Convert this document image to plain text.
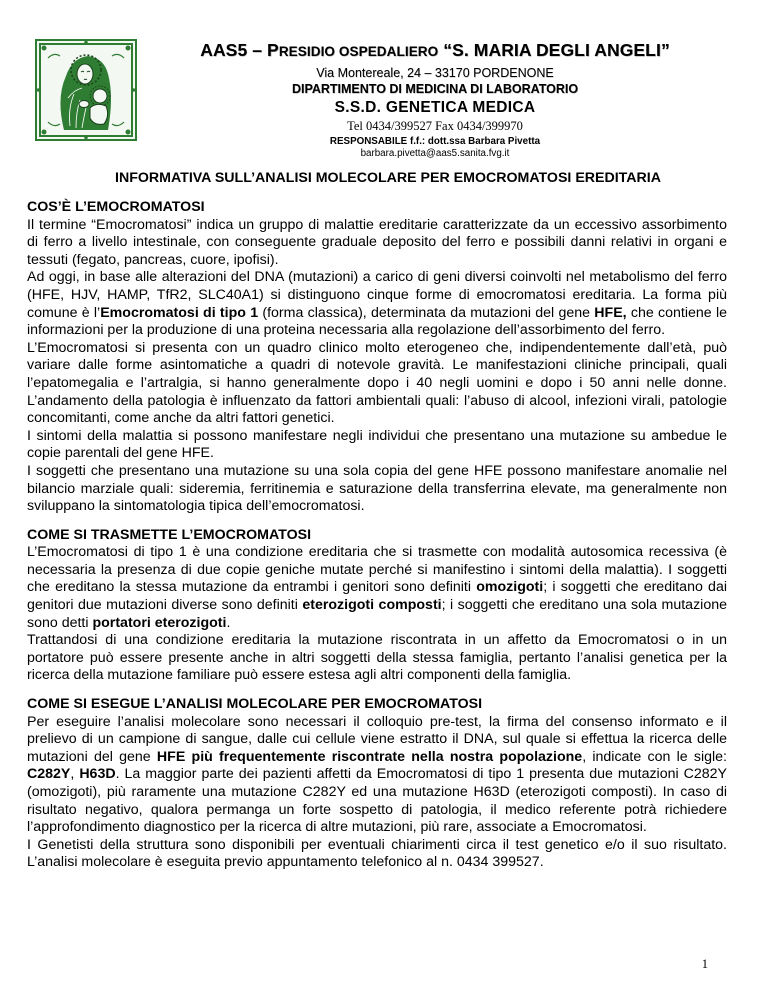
AAS5 – PRESIDIO OSPEDALIERO “S. MARIA DEGLI ANGELI”
Via Montereale, 24 – 33170 PORDENONE
DIPARTIMENTO DI MEDICINA DI LABORATORIO
S.S.D. GENETICA MEDICA
Tel 0434/399527 Fax 0434/399970
RESPONSABILE f.f.: dott.ssa Barbara Pivetta
barbara.pivetta@aas5.sanita.fvg.it
INFORMATIVA SULL’ANALISI MOLECOLARE PER EMOCROMATOSI EREDITARIA
COS’È L’EMOCROMATOSI
Il termine “Emocromatosi” indica un gruppo di malattie ereditarie caratterizzate da un eccessivo assorbimento di ferro a livello intestinale, con conseguente graduale deposito del ferro e possibili danni relativi in organi e tessuti (fegato, pancreas, cuore, ipofisi).
Ad oggi, in base alle alterazioni del DNA (mutazioni) a carico di geni diversi coinvolti nel metabolismo del ferro (HFE, HJV, HAMP, TfR2, SLC40A1) si distinguono cinque forme di emocromatosi ereditaria. La forma più comune è l’Emocromatosi di tipo 1 (forma classica), determinata da mutazioni del gene HFE, che contiene le informazioni per la produzione di una proteina necessaria alla regolazione dell’assorbimento del ferro.
L’Emocromatosi si presenta con un quadro clinico molto eterogeneo che, indipendentemente dall’età, può variare dalle forme asintomatiche a quadri di notevole gravità. Le manifestazioni cliniche principali, quali l’epatomegalia e l’artralgia, si hanno generalmente dopo i 40 negli uomini e dopo i 50 anni nelle donne. L’andamento della patologia è influenzato da fattori ambientali quali: l’abuso di alcool, infezioni virali, patologie concomitanti, come anche da altri fattori genetici.
I sintomi della malattia si possono manifestare negli individui che presentano una mutazione su ambedue le copie parentali del gene HFE.
I soggetti che presentano una mutazione su una sola copia del gene HFE possono manifestare anomalie nel bilancio marziale quali: sideremia, ferritinemia e saturazione della transferrina elevate, ma generalmente non sviluppano la sintomatologia tipica dell’emocromatosi.
COME SI TRASMETTE L’EMOCROMATOSI
L’Emocromatosi di tipo 1 è una condizione ereditaria che si trasmette con modalità autosomica recessiva (è necessaria la presenza di due copie geniche mutate perché si manifestino i sintomi della malattia). I soggetti che ereditano la stessa mutazione da entrambi i genitori sono definiti omozigoti; i soggetti che ereditano dai genitori due mutazioni diverse sono definiti eterozigoti composti; i soggetti che ereditano una sola mutazione sono detti portatori eterozigoti.
Trattandosi di una condizione ereditaria la mutazione riscontrata in un affetto da Emocromatosi o in un portatore può essere presente anche in altri soggetti della stessa famiglia, pertanto l’analisi genetica per la ricerca della mutazione familiare può essere estesa agli altri componenti della famiglia.
COME SI ESEGUE L’ANALISI MOLECOLARE PER EMOCROMATOSI
Per eseguire l’analisi molecolare sono necessari il colloquio pre-test, la firma del consenso informato e il prelievo di un campione di sangue, dalle cui cellule viene estratto il DNA, sul quale si effettua la ricerca delle mutazioni del gene HFE più frequentemente riscontrate nella nostra popolazione, indicate con le sigle: C282Y, H63D. La maggior parte dei pazienti affetti da Emocromatosi di tipo 1 presenta due mutazioni C282Y (omozigoti), più raramente una mutazione C282Y ed una mutazione H63D (eterozigoti composti). In caso di risultato negativo, qualora permanga un forte sospetto di patologia, il medico referente potrà richiedere l’approfondimento diagnostico per la ricerca di altre mutazioni, più rare, associate a Emocromatosi.
I Genetisti della struttura sono disponibili per eventuali chiarimenti circa il test genetico e/o il suo risultato. L’analisi molecolare è eseguita previo appuntamento telefonico al n. 0434 399527.
1
